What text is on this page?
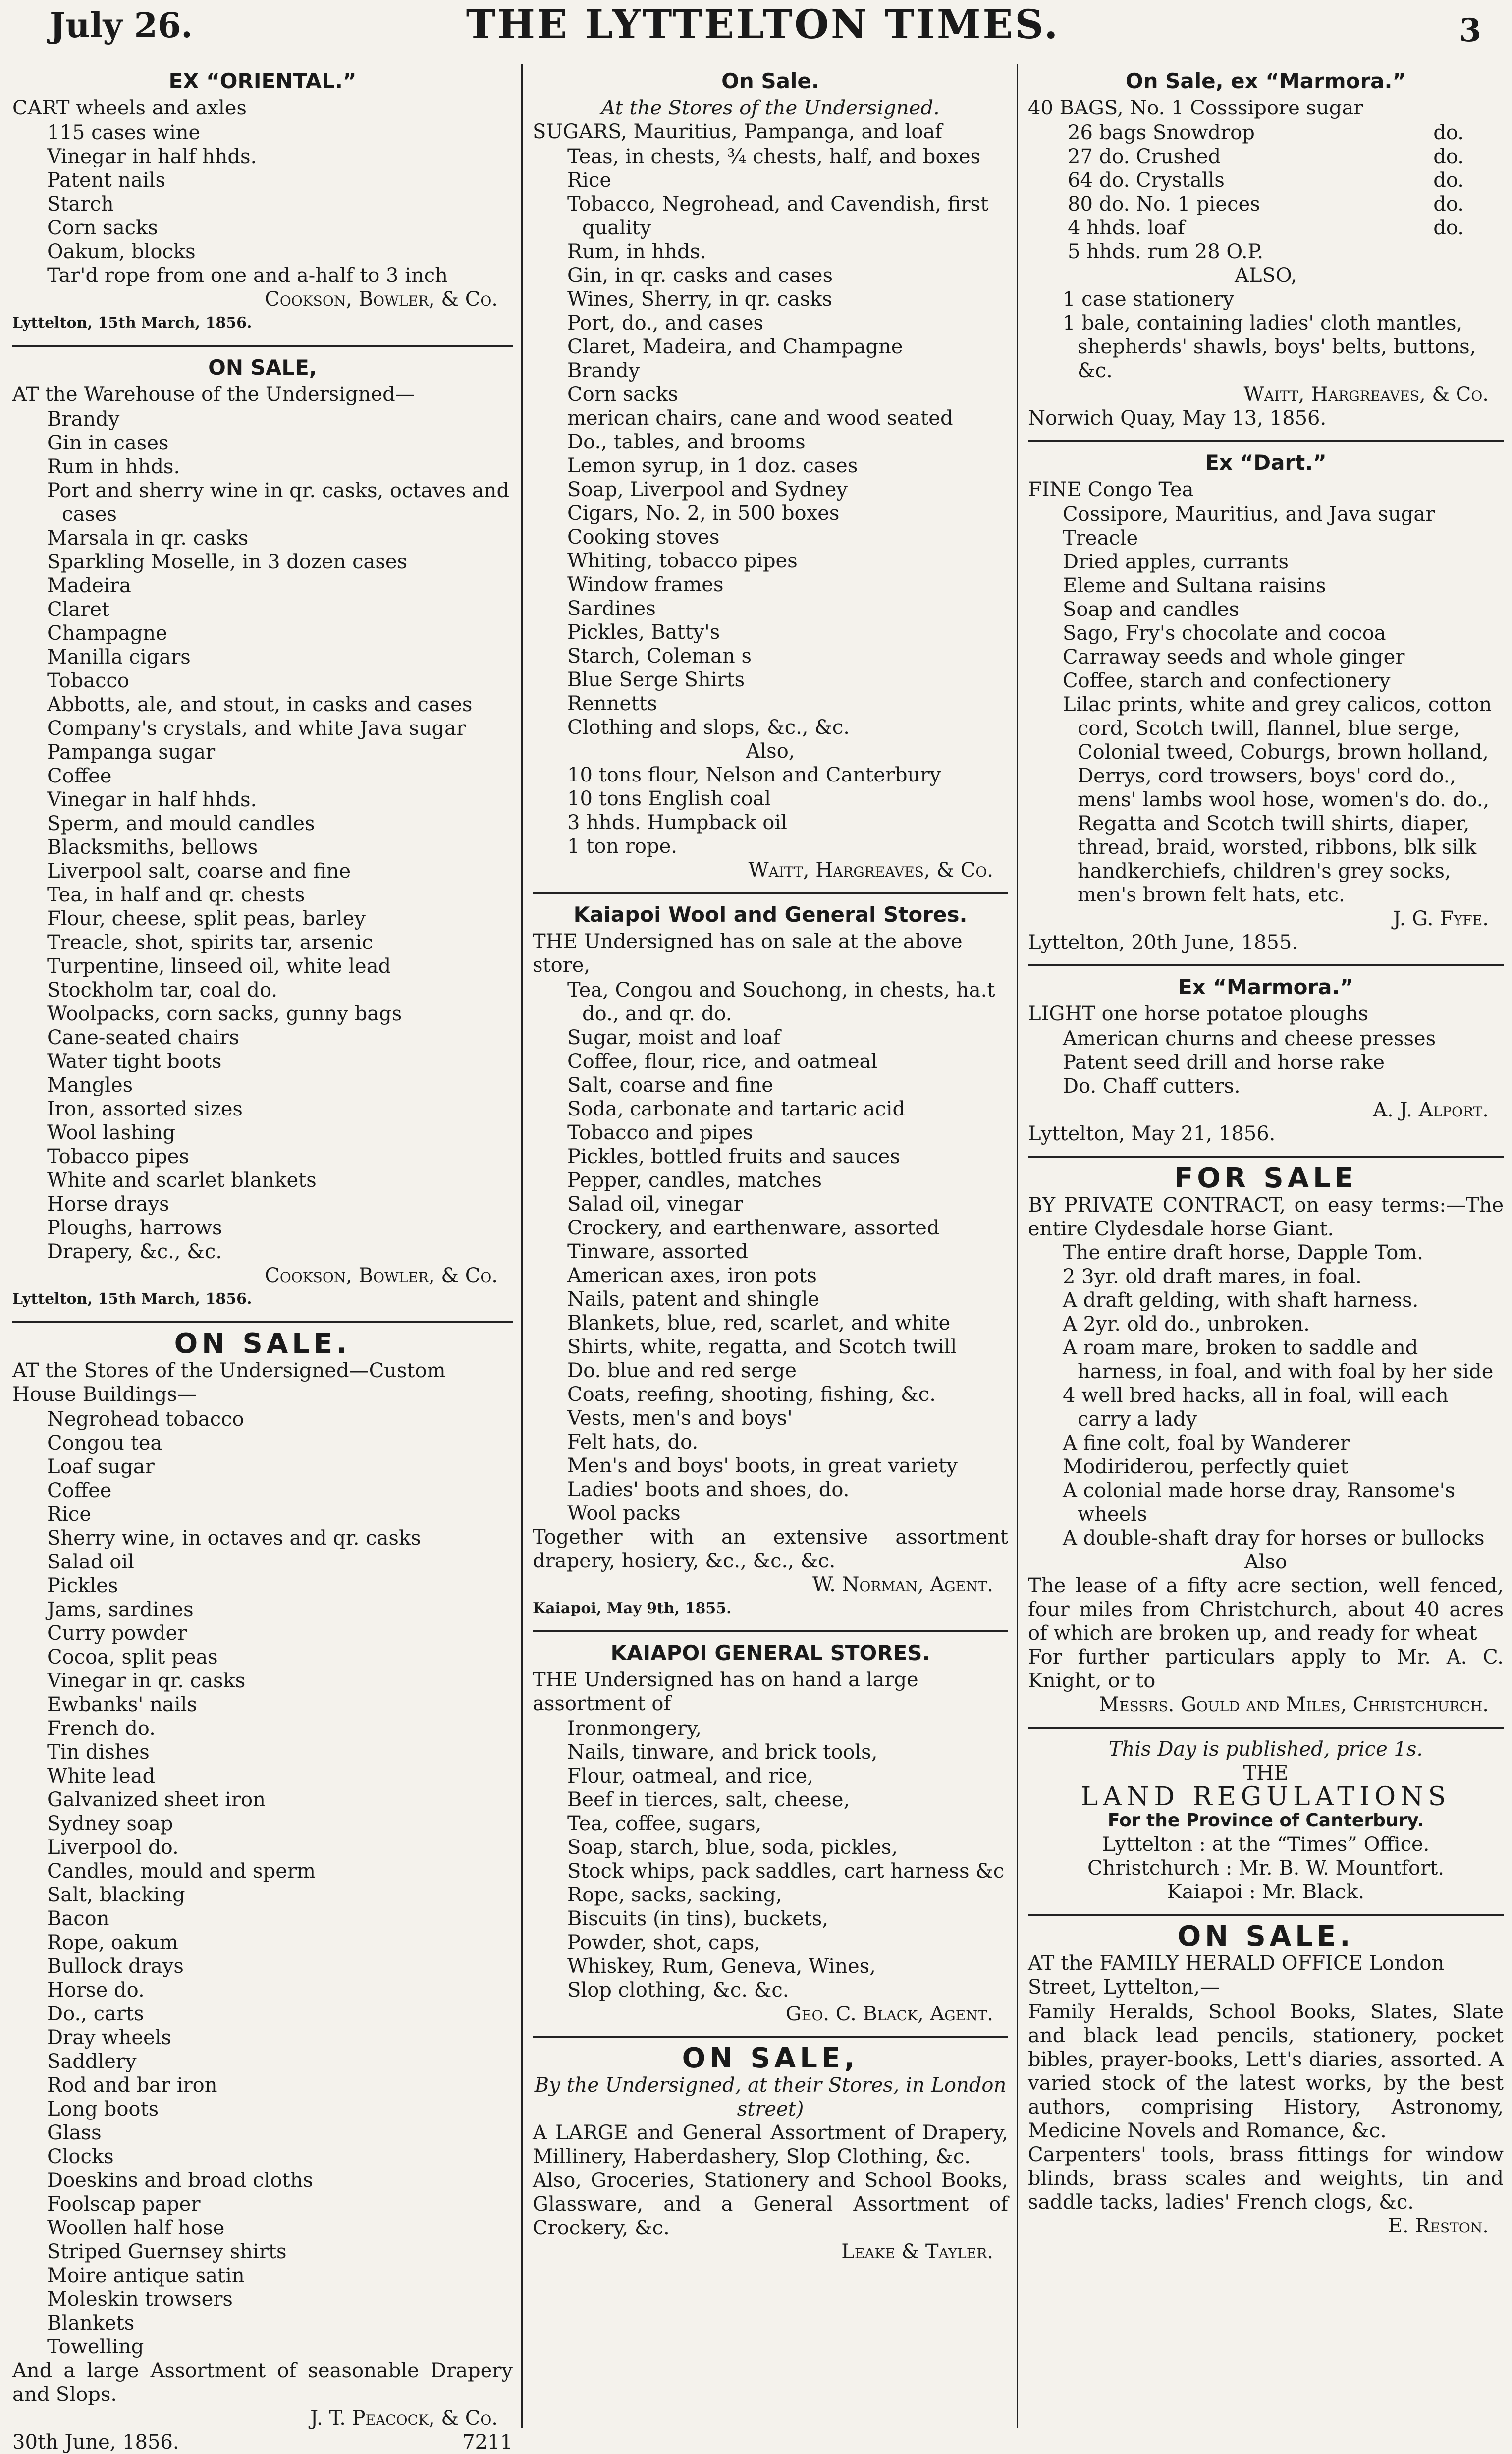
July 26.	THE LYTTELTON TIMES.	3
EX “ORIENTAL.”
CART wheels and axles
115 cases wine
Vinegar in half hhds.
Patent nails
Starch
Corn sacks
Oakum, blocks
Tar'd rope from one and a-half to 3 inch
Cookson, Bowler, & Co.
Lyttelton, 15th March, 1856.
ON SALE,
AT the Warehouse of the Undersigned—
Brandy
Gin in cases
Rum in hhds.
Port and sherry wine in qr. casks, octaves and cases
Marsala in qr. casks
Sparkling Moselle, in 3 dozen cases
Madeira
Claret
Champagne
Manilla cigars
Tobacco
Abbotts, ale, and stout, in casks and cases
Company's crystals, and white Java sugar
Pampanga sugar
Coffee
Vinegar in half hhds.
Sperm, and mould candles
Blacksmiths, bellows
Liverpool salt, coarse and fine
Tea, in half and qr. chests
Flour, cheese, split peas, barley
Treacle, shot, spirits tar, arsenic
Turpentine, linseed oil, white lead
Stockholm tar, coal do.
Woolpacks, corn sacks, gunny bags
Cane-seated chairs
Water tight boots
Mangles
Iron, assorted sizes
Wool lashing
Tobacco pipes
White and scarlet blankets
Horse drays
Ploughs, harrows
Drapery, &c., &c.
Cookson, Bowler, & Co.
Lyttelton, 15th March, 1856.
ON SALE.
AT the Stores of the Undersigned—Custom House Buildings—
Negrohead tobacco
Congou tea
Loaf sugar
Coffee
Rice
Sherry wine, in octaves and qr. casks
Salad oil
Pickles
Jams, sardines
Curry powder
Cocoa, split peas
Vinegar in qr. casks
Ewbanks' nails
French do.
Tin dishes
White lead
Galvanized sheet iron
Sydney soap
Liverpool do.
Candles, mould and sperm
Salt, blacking
Bacon
Rope, oakum
Bullock drays
Horse do.
Do., carts
Dray wheels
Saddlery
Rod and bar iron
Long boots
Glass
Clocks
Doeskins and broad cloths
Foolscap paper
Woollen half hose
Striped Guernsey shirts
Moire antique satin
Moleskin trowsers
Blankets
Towelling
And a large Assortment of seasonable Drapery and Slops.
J. T. Peacock, & Co.
30th June, 1856.	7211
On Sale.
At the Stores of the Undersigned.
SUGARS, Mauritius, Pampanga, and loaf
Teas, in chests, ¾ chests, half, and boxes
Rice
Tobacco, Negrohead, and Cavendish, first quality
Rum, in hhds.
Gin, in qr. casks and cases
Wines, Sherry, in qr. casks
Port, do., and cases
Claret, Madeira, and Champagne
Brandy
Corn sacks
merican chairs, cane and wood seated
Do., tables, and brooms
Lemon syrup, in 1 doz. cases
Soap, Liverpool and Sydney
Cigars, No. 2, in 500 boxes
Cooking stoves
Whiting, tobacco pipes
Window frames
Sardines
Pickles, Batty's
Starch, Coleman s
Blue Serge Shirts
Rennetts
Clothing and slops, &c., &c.
Also,
10 tons flour, Nelson and Canterbury
10 tons English coal
3 hhds. Humpback oil
1 ton rope.
Waitt, Hargreaves, & Co.
Kaiapoi Wool and General Stores.
THE Undersigned has on sale at the above store,
Tea, Congou and Souchong, in chests, ha.t do., and qr. do.
Sugar, moist and loaf
Coffee, flour, rice, and oatmeal
Salt, coarse and fine
Soda, carbonate and tartaric acid
Tobacco and pipes
Pickles, bottled fruits and sauces
Pepper, candles, matches
Salad oil, vinegar
Crockery, and earthenware, assorted
Tinware, assorted
American axes, iron pots
Nails, patent and shingle
Blankets, blue, red, scarlet, and white
Shirts, white, regatta, and Scotch twill
Do. blue and red serge
Coats, reefing, shooting, fishing, &c.
Vests, men's and boys'
Felt hats, do.
Men's and boys' boots, in great variety
Ladies' boots and shoes, do.
Wool packs
Together with an extensive assortment drapery, hosiery, &c., &c., &c.
W. Norman, Agent.
Kaiapoi, May 9th, 1855.
KAIAPOI GENERAL STORES.
THE Undersigned has on hand a large assortment of
Ironmongery,
Nails, tinware, and brick tools,
Flour, oatmeal, and rice,
Beef in tierces, salt, cheese,
Tea, coffee, sugars,
Soap, starch, blue, soda, pickles,
Stock whips, pack saddles, cart harness &c
Rope, sacks, sacking,
Biscuits (in tins), buckets,
Powder, shot, caps,
Whiskey, Rum, Geneva, Wines,
Slop clothing, &c. &c.
Geo. C. Black, Agent.
ON SALE,
By the Undersigned, at their Stores, in London street)
A LARGE and General Assortment of Drapery, Millinery, Haberdashery, Slop Clothing, &c.
Also, Groceries, Stationery and School Books, Glassware, and a General Assortment of Crockery, &c.
Leake & Tayler.
On Sale, ex “Marmora.”
40 BAGS, No. 1 Cosssipore sugar
26 bags Snowdrop	do.
27 do. Crushed	do.
64 do. Crystalls	do.
80 do. No. 1 pieces	do.
4 hhds. loaf	do.
5 hhds. rum 28 O.P.
ALSO,
1 case stationery
1 bale, containing ladies' cloth mantles, shepherds' shawls, boys' belts, buttons, &c.
Waitt, Hargreaves, & Co.
Norwich Quay, May 13, 1856.
Ex “Dart.”
FINE Congo Tea
Cossipore, Mauritius, and Java sugar
Treacle
Dried apples, currants
Eleme and Sultana raisins
Soap and candles
Sago, Fry's chocolate and cocoa
Carraway seeds and whole ginger
Coffee, starch and confectionery
Lilac prints, white and grey calicos, cotton cord, Scotch twill, flannel, blue serge, Colonial tweed, Coburgs, brown holland, Derrys, cord trowsers, boys' cord do., mens' lambs wool hose, women's do. do., Regatta and Scotch twill shirts, diaper, thread, braid, worsted, ribbons, blk silk handkerchiefs, children's grey socks, men's brown felt hats, etc.
J. G. Fyfe.
Lyttelton, 20th June, 1855.
Ex “Marmora.”
LIGHT one horse potatoe ploughs
American churns and cheese presses
Patent seed drill and horse rake
Do. Chaff cutters.
A. J. Alport.
Lyttelton, May 21, 1856.
FOR SALE
BY PRIVATE CONTRACT, on easy terms:—The entire Clydesdale horse Giant.
The entire draft horse, Dapple Tom.
2 3yr. old draft mares, in foal.
A draft gelding, with shaft harness.
A 2yr. old do., unbroken.
A roam mare, broken to saddle and harness, in foal, and with foal by her side
4 well bred hacks, all in foal, will each carry a lady
A fine colt, foal by Wanderer
Modiriderou, perfectly quiet
A colonial made horse dray, Ransome's wheels
A double-shaft dray for horses or bullocks
Also
The lease of a fifty acre section, well fenced, four miles from Christchurch, about 40 acres of which are broken up, and ready for wheat
For further particulars apply to Mr. A. C. Knight, or to
Messrs. Gould and Miles, Christchurch.
This Day is published, price 1s.
THE
LAND REGULATIONS
For the Province of Canterbury.
Lyttelton : at the “Times” Office.
Christchurch : Mr. B. W. Mountfort.
Kaiapoi : Mr. Black.
ON SALE.
AT the FAMILY HERALD OFFICE London Street, Lyttelton,—
Family Heralds, School Books, Slates, Slate and black lead pencils, stationery, pocket bibles, prayer-books, Lett's diaries, assorted. A varied stock of the latest works, by the best authors, comprising History, Astronomy, Medicine Novels and Romance, &c.
Carpenters' tools, brass fittings for window blinds, brass scales and weights, tin and saddle tacks, ladies' French clogs, &c.
E. Reston.
